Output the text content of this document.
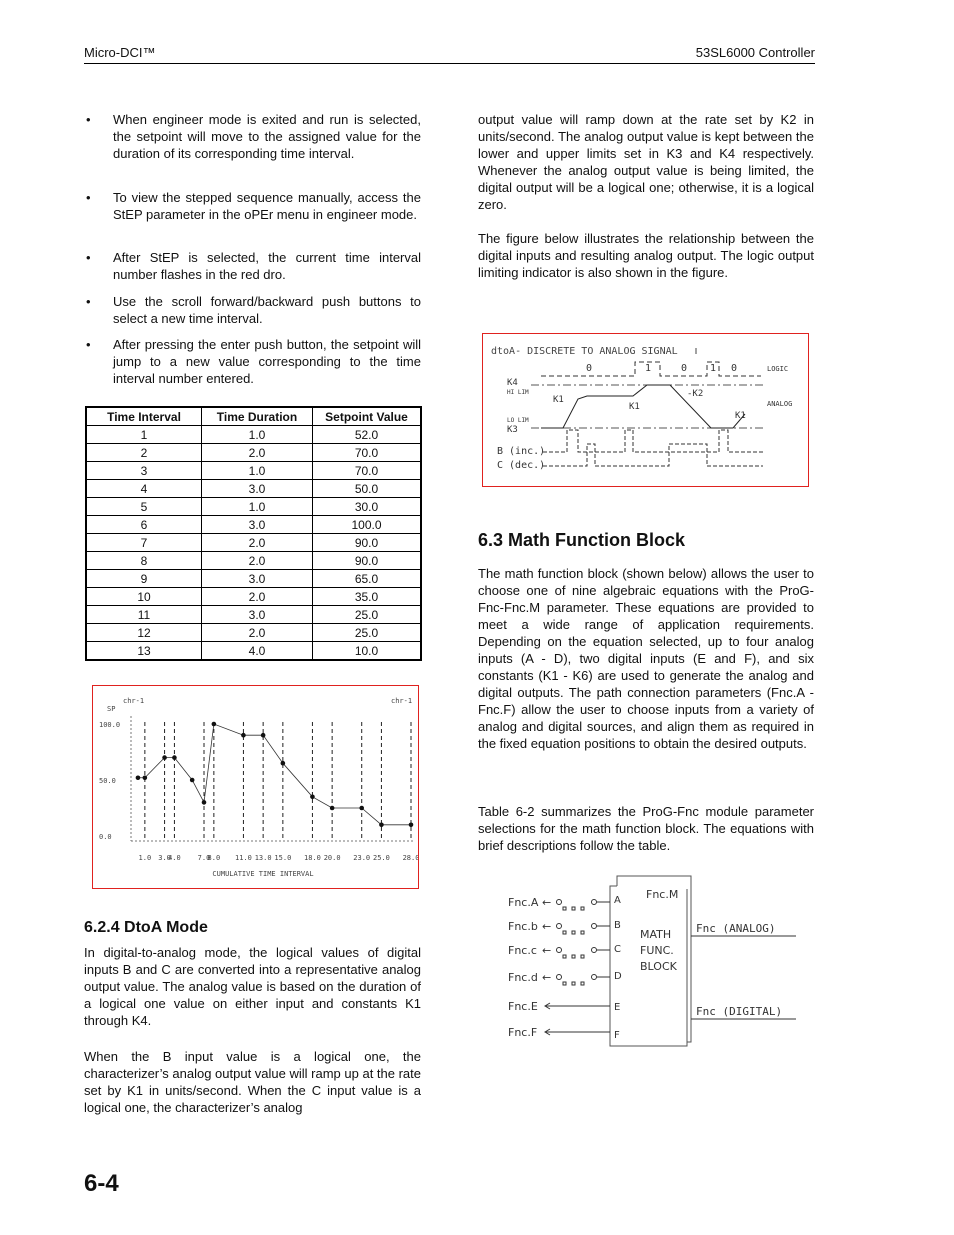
Micro-DCI™	53SL6000 Controller
• When engineer mode is exited and run is selected, the setpoint will move to the assigned value for the duration of its corresponding time interval.
• To view the stepped sequence manually, access the StEP parameter in the oPEr menu in engineer mode.
• After StEP is selected, the current time interval number flashes in the red dro.
• Use the scroll forward/backward push buttons to select a new time interval.
• After pressing the enter push button, the setpoint will jump to a new value corresponding to the time interval number entered.
Time Interval	Time Duration	Setpoint Value
1	1.0	52.0
2	2.0	70.0
3	1.0	70.0
4	3.0	50.0
5	1.0	30.0
6	3.0	100.0
7	2.0	90.0
8	2.0	90.0
9	3.0	65.0
10	2.0	35.0
11	3.0	25.0
12	2.0	25.0
13	4.0	10.0
SP
chr-1	chr-1
100.0
50.0
0.0
1.0 3.0
4.0 7.0
8.0 11.0 13.0 15.0 18.0 20.0 23.0 25.0 28.0
CUMULATIVE TIME INTERVAL
6.2.4 DtoA Mode
In digital-to-analog mode, the logical values of digital inputs B and C are converted into a representative analog output value. The analog value is based on the duration of a logical one value on either input and constants K1 through K4.
When the B input value is a logical one, the characterizer’s analog output value will ramp up at the rate set by K1 in units/second. When the C input value is a logical one, the characterizer’s analog
output value will ramp down at the rate set by K2 in units/second. The analog output value is kept between the lower and upper limits set in K3 and K4 respectively. Whenever the analog output value is being limited, the digital output will be a logical one; otherwise, it is a logical zero.
The figure below illustrates the relationship between the digital inputs and resulting analog output. The logic output limiting indicator is also shown in the figure.
dtoA- DISCRETE TO ANALOG SIGNAL
0	1	0 1 0	LOGIC
K4
HI LIM
LO LIM
K3
ANALOG
K1
K1
-K2
K1
B (inc.)
C (dec.)
6.3 Math Function Block
The math function block (shown below) allows the user to choose one of nine algebraic equations with the ProG-Fnc-Fnc.M parameter. These equations are provided to meet a wide range of application requirements. Depending on the equation selected, up to four analog inputs (A - D), two digital inputs (E and F), and six constants (K1 - K6) are used to generate the analog and digital outputs. The path connection parameters (Fnc.A - Fnc.F) allow the user to choose inputs from a variety of analog and digital sources, and align them as required in the fixed equation positions to obtain the desired outputs.
Table 6-2 summarizes the ProG-Fnc module parameter selections for the math function block. The equations with brief descriptions follow the table.
Fnc.M
MATH
FUNC.
BLOCK
Fnc.A ←	A
Fnc.b ←	B
Fnc.c ←	C
Fnc.d ←	D
Fnc.E	E
Fnc.F	F
Fnc (ANALOG)
Fnc (DIGITAL)
6-4
